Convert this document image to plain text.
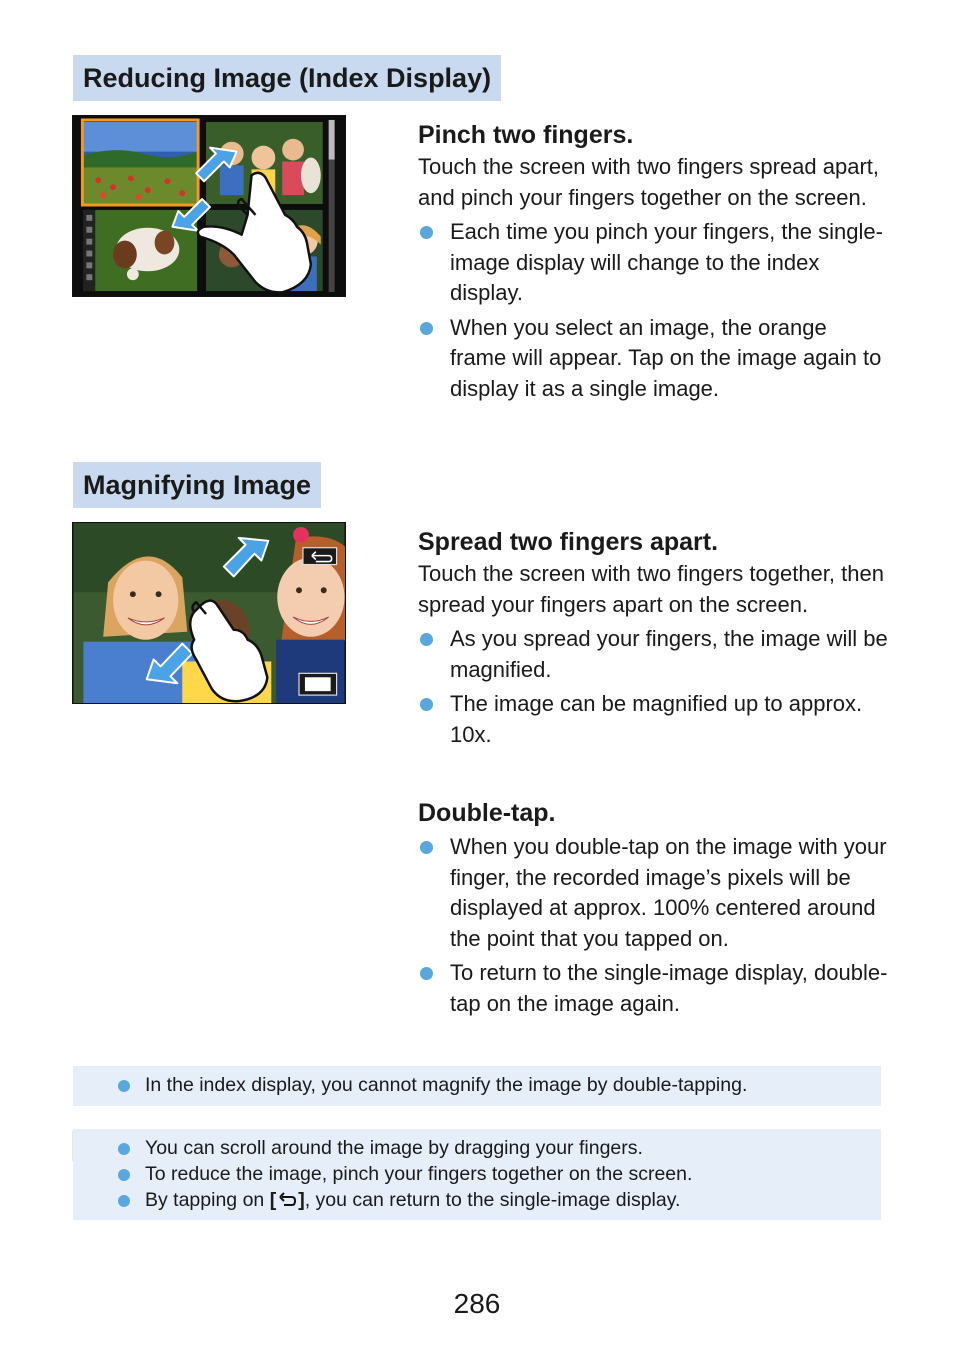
Reducing Image (Index Display)
Pinch two fingers.

Touch the screen with two fingers spread apart, and pinch your fingers together on the screen.

Each time you pinch your fingers, the single-image display will change to the index display.
When you select an image, the orange frame will appear. Tap on the image again to display it as a single image.
Magnifying Image
Spread two fingers apart.

Touch the screen with two fingers together, then spread your fingers apart on the screen.

As you spread your fingers, the image will be magnified.
The image can be magnified up to approx. 10x.
Double-tap.
When you double-tap on the image with your finger, the recorded image’s pixels will be displayed at approx. 100% centered around the point that you tapped on.
To return to the single-image display, double-tap on the image again.
In the index display, you cannot magnify the image by double-tapping.
You can scroll around the image by dragging your fingers.
To reduce the image, pinch your fingers together on the screen.
By tapping on [ ], you can return to the single-image display.
286
